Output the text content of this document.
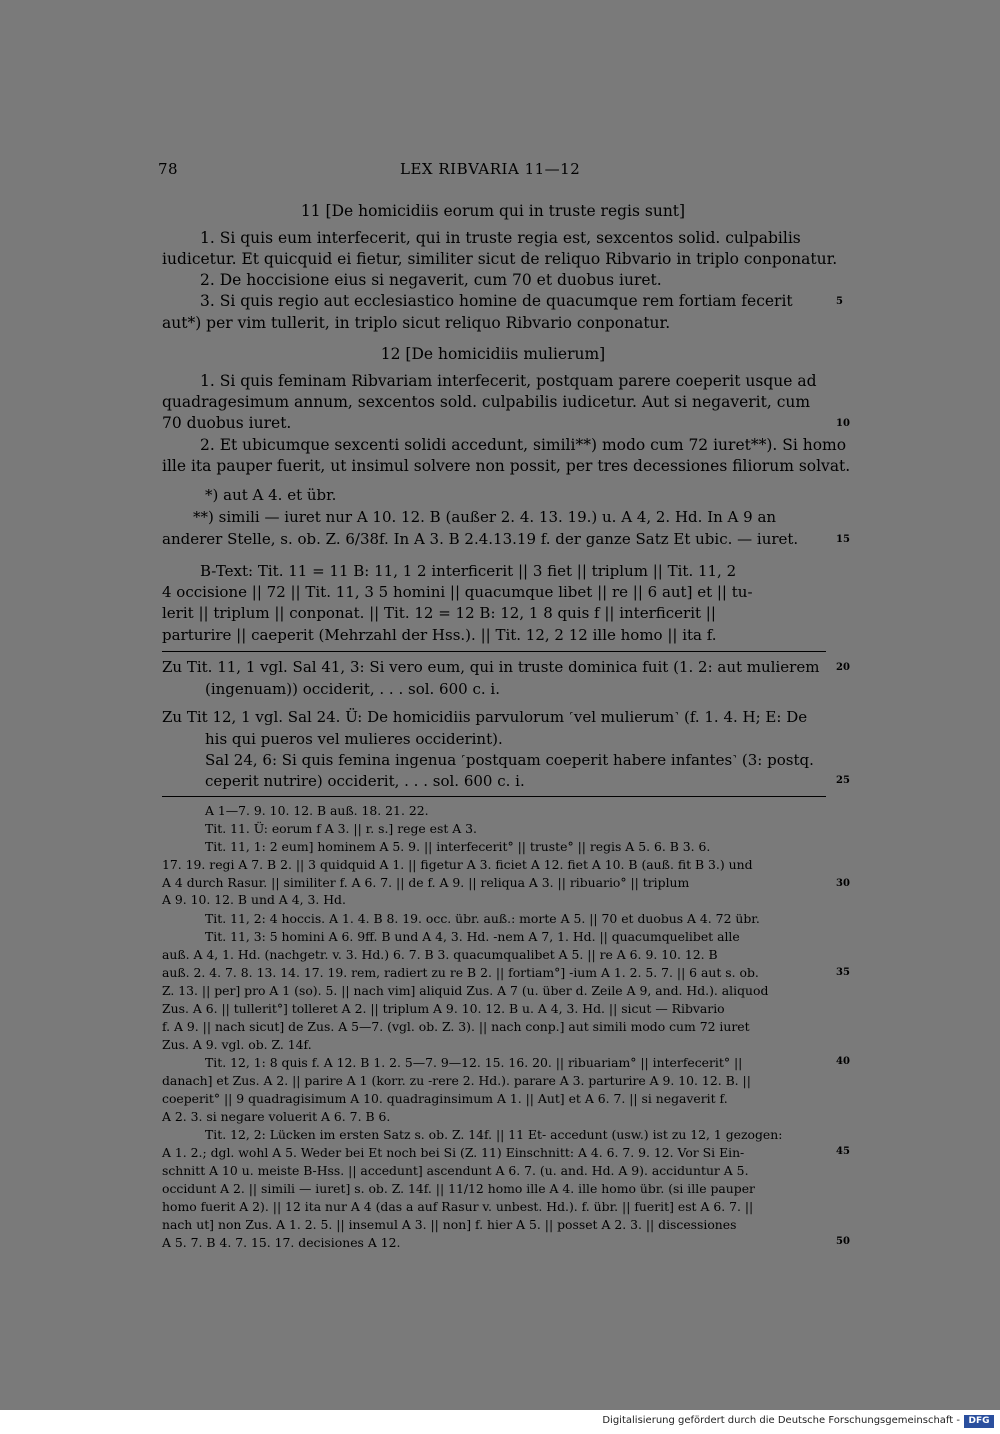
78	LEX RIBVARIA 11—12
11 [De homicidiis eorum qui in truste regis sunt]
1. Si quis eum interfecerit, qui in truste regia est, sexcentos solid. culpabilis
iudicetur. Et quicquid ei fietur, similiter sicut de reliquo Ribvario in triplo conponatur.
2. De hoccisione eius si negaverit, cum 70 et duobus iuret.
3. Si quis regio aut ecclesiastico homine de quacumque rem fortiam fecerit
aut*) per vim tullerit, in triplo sicut reliquo Ribvario conponatur.
12 [De homicidiis mulierum]
1. Si quis feminam Ribvariam interfecerit, postquam parere coeperit usque ad
quadragesimum annum, sexcentos sold. culpabilis iudicetur. Aut si negaverit, cum
70 duobus iuret.
2. Et ubicumque sexcenti solidi accedunt, simili**) modo cum 72 iuret**). Si homo
ille ita pauper fuerit, ut insimul solvere non possit, per tres decessiones filiorum solvat.
*) aut A 4. et übr.
**) simili — iuret nur A 10. 12. B (außer 2. 4. 13. 19.) u. A 4, 2. Hd. In A 9 an
anderer Stelle, s. ob. Z. 6/38f. In A 3. B 2.4.13.19 f. der ganze Satz Et ubic. — iuret.
B-Text: Tit. 11 = 11 B: 11, 1 2 interficerit || 3 fiet || triplum || Tit. 11, 2
4 occisione || 72 || Tit. 11, 3 5 homini || quacumque libet || re || 6 aut] et || tu-
lerit || triplum || conponat. || Tit. 12 = 12 B: 12, 1 8 quis f || interficerit ||
parturire || caeperit (Mehrzahl der Hss.). || Tit. 12, 2 12 ille homo || ita f.
Zu Tit. 11, 1 vgl. Sal 41, 3: Si vero eum, qui in truste dominica fuit (1. 2: aut mulierem
(ingenuam)) occiderit, . . . sol. 600 c. i.
Zu Tit 12, 1 vgl. Sal 24. Ü: De homicidiis parvulorum ˹vel mulierum˺ (f. 1. 4. H; E: De
his qui pueros vel mulieres occiderint).
Sal 24, 6: Si quis femina ingenua ˹postquam coeperit habere infantes˺ (3: postq.
ceperit nutrire) occiderit, . . . sol. 600 c. i.
A 1—7. 9. 10. 12. B auß. 18. 21. 22.
Tit. 11. Ü: eorum f A 3. || r. s.] rege est A 3.
Tit. 11, 1: 2 eum] hominem A 5. 9. || interfecerit° || truste° || regis A 5. 6. B 3. 6.
17. 19. regi A 7. B 2. || 3 quidquid A 1. || figetur A 3. ficiet A 12. fiet A 10. B (auß. fit B 3.) und
A 4 durch Rasur. || similiter f. A 6. 7. || de f. A 9. || reliqua A 3. || ribuario° || triplum
A 9. 10. 12. B und A 4, 3. Hd.
Tit. 11, 2: 4 hoccis. A 1. 4. B 8. 19. occ. übr. auß.: morte A 5. || 70 et duobus A 4. 72 übr.
Tit. 11, 3: 5 homini A 6. 9ff. B und A 4, 3. Hd. -nem A 7, 1. Hd. || quacumquelibet alle
auß. A 4, 1. Hd. (nachgetr. v. 3. Hd.) 6. 7. B 3. quacumqualibet A 5. || re A 6. 9. 10. 12. B
auß. 2. 4. 7. 8. 13. 14. 17. 19. rem, radiert zu re B 2. || fortiam°] -ium A 1. 2. 5. 7. || 6 aut s. ob.
Z. 13. || per] pro A 1 (so). 5. || nach vim] aliquid Zus. A 7 (u. über d. Zeile A 9, and. Hd.). aliquod
Zus. A 6. || tullerit°] tolleret A 2. || triplum A 9. 10. 12. B u. A 4, 3. Hd. || sicut — Ribvario
f. A 9. || nach sicut] de Zus. A 5—7. (vgl. ob. Z. 3). || nach conp.] aut simili modo cum 72 iuret
Zus. A 9. vgl. ob. Z. 14f.
Tit. 12, 1: 8 quis f. A 12. B 1. 2. 5—7. 9—12. 15. 16. 20. || ribuariam° || interfecerit° ||
danach] et Zus. A 2. || parire A 1 (korr. zu -rere 2. Hd.). parare A 3. parturire A 9. 10. 12. B. ||
coeperit° || 9 quadragisimum A 10. quadraginsimum A 1. || Aut] et A 6. 7. || si negaverit f.
A 2. 3. si negare voluerit A 6. 7. B 6.
Tit. 12, 2: Lücken im ersten Satz s. ob. Z. 14f. || 11 Et- accedunt (usw.) ist zu 12, 1 gezogen:
A 1. 2.; dgl. wohl A 5. Weder bei Et noch bei Si (Z. 11) Einschnitt: A 4. 6. 7. 9. 12. Vor Si Ein-
schnitt A 10 u. meiste B-Hss. || accedunt] ascendunt A 6. 7. (u. and. Hd. A 9). acciduntur A 5.
occidunt A 2. || simili — iuret] s. ob. Z. 14f. || 11/12 homo ille A 4. ille homo übr. (si ille pauper
homo fuerit A 2). || 12 ita nur A 4 (das a auf Rasur v. unbest. Hd.). f. übr. || fuerit] est A 6. 7. ||
nach ut] non Zus. A 1. 2. 5. || insemul A 3. || non] f. hier A 5. || posset A 2. 3. || discessiones
A 5. 7. B 4. 7. 15. 17. decisiones A 12.
5
10
15
20
25
30
35
40
45
50
Digitalisierung gefördert durch die Deutsche Forschungsgemeinschaft - DFG
